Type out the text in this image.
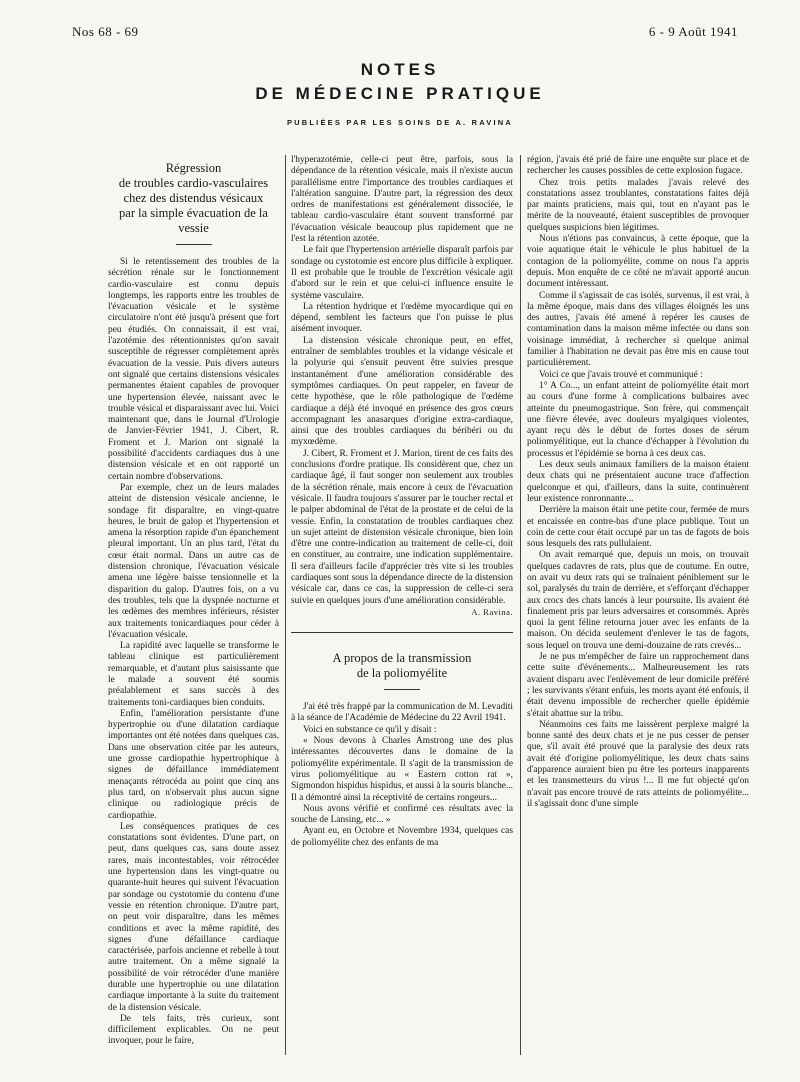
Nos 68 - 69	6 - 9 Août 1941
NOTES
DE MÉDECINE PRATIQUE
PUBLIÉES PAR LES SOINS DE A. RAVINA
Régression
de troubles cardio-vasculaires
chez des distendus vésicaux
par la simple évacuation de la vessie

Si le retentissement des troubles de la sécrétion rénale sur le fonctionnement cardio-vasculaire est connu depuis longtemps, les rapports entre les troubles de l'évacuation vésicale et le système circulatoire n'ont été jusqu'à présent que fort peu étudiés. On connaissait, il est vrai, l'azotémie des rétentionnistes qu'on savait susceptible de régresser complètement après évacuation de la vessie. Puis divers auteurs ont signalé que certains distensions vésicales permanentes étaient capables de provoquer une hypertension élevée, naissant avec le trouble vésical et disparaissant avec lui. Voici maintenant que, dans le Journal d'Urologie de Janvier-Février 1941, J. Cibert, R. Froment et J. Marion ont signalé la possibilité d'accidents cardiaques dus à une distension vésicale et en ont rapporté un certain nombre d'observations.

Par exemple, chez un de leurs malades atteint de distension vésicale ancienne, le sondage fit disparaître, en vingt-quatre heures, le bruit de galop et l'hypertension et amena la résorption rapide d'un épanchement pleural important. Un an plus tard, l'état du cœur était normal. Dans un autre cas de distension chronique, l'évacuation vésicale amena une légère baisse tensionnelle et la disparition du galop. D'autres fois, on a vu des troubles, tels que la dyspnée nocturne et les œdèmes des membres inférieurs, résister aux traitements tonicardiaques pour céder à l'évacuation vésicale.

La rapidité avec laquelle se transforme le tableau clinique est particulièrement remarquable, et d'autant plus saisissante que le malade a souvent été soumis préalablement et sans succès à des traitements toni-cardiaques bien conduits.

Enfin, l'amélioration persistante d'une hypertrophie ou d'une dilatation cardiaque importantes ont été notées dans quelques cas. Dans une observation citée par les auteurs, une grosse cardiopathie hypertrophique à signes de défaillance immédiatement menaçants rétrocéda au point que cinq ans plus tard, on n'observait plus aucun signe clinique ou radiologique précis de cardiopathie.

Les conséquences pratiques de ces constatations sont évidentes. D'une part, on peut, dans quelques cas, sans doute assez rares, mais incontestables, voir rétrocéder une hypertension dans les vingt-quatre ou quarante-huit heures qui suivent l'évacuation par sondage ou cystotomie du contenu d'une vessie en rétention chronique. D'autre part, on peut voir disparaître, dans les mêmes conditions et avec la même rapidité, des signes d'une défaillance cardiaque caractérisée, parfois ancienne et rebelle à tout autre traitement. On a même signalé la possibilité de voir rétrocéder d'une manière durable une hypertrophie ou une dilatation cardiaque importante à la suite du traitement de la distension vésicale.

De tels faits, très curieux, sont difficilement explicables. On ne peut invoquer, pour le faire,

l'hyperazotémie, celle-ci peut être, parfois, sous la dépendance de la rétention vésicale, mais il n'existe aucun parallélisme entre l'importance des troubles cardiaques et l'altération sanguine. D'autre part, la régression des deux ordres de manifestations est généralement dissociée, le tableau cardio-vasculaire étant souvent transformé par l'évacuation vésicale beaucoup plus rapidement que ne l'est la rétention azotée.

Le fait que l'hypertension artérielle disparaît parfois par sondage ou cystotomie est encore plus difficile à expliquer. Il est probable que le trouble de l'excrétion vésicale agit d'abord sur le rein et que celui-ci influence ensuite le système vasculaire.

La rétention hydrique et l'œdème myocardique qui en dépend, semblent les facteurs que l'on puisse le plus aisément invoquer.

La distension vésicale chronique peut, en effet, entraîner de semblables troubles et la vidange vésicale et la polyurie qui s'ensuit peuvent être suivies presque instantanément d'une amélioration considérable des symptômes cardiaques. On peut rappeler, en faveur de cette hypothèse, que le rôle pathologique de l'œdème cardiaque a déjà été invoqué en présence des gros cœurs accompagnant les anasarques d'origine extra-cardiaque, ainsi que des troubles cardiaques du béribéri ou du myxœdème.

J. Cibert, R. Froment et J. Marion, tirent de ces faits des conclusions d'ordre pratique. Ils considèrent que, chez un cardiaque âgé, il faut songer non seulement aux troubles de la sécrétion rénale, mais encore à ceux de l'évacuation vésicale. Il faudra toujours s'assurer par le toucher rectal et le palper abdominal de l'état de la prostate et de celui de la vessie. Enfin, la constatation de troubles cardiaques chez un sujet atteint de distension vésicale chronique, bien loin d'être une contre-indication au traitement de celle-ci, doit en constituer, au contraire, une indication supplémentaire. Il sera d'ailleurs facile d'apprécier très vite si les troubles cardiaques sont sous la dépendance directe de la distension vésicale car, dans ce cas, la suppression de celle-ci sera suivie en quelques jours d'une amélioration considérable.

A. Ravina.

A propos de la transmission
de la poliomyélite

J'ai été très frappé par la communication de M. Levaditi à la séance de l'Académie de Médecine du 22 Avril 1941.

Voici en substance ce qu'il y disait :

« Nous devons à Charles Amstrong une des plus intéressantes découvertes dans le domaine de la poliomyélite expérimentale. Il s'agit de la transmission de virus poliomyélitique au « Eastern cotton rat », Sigmondon hispidus hispidus, et aussi à la souris blanche... Il a démontré ainsi la réceptivité de certains rongeurs...

Nous avons vérifié et confirmé ces résultats avec la souche de Lansing, etc... »

Ayant eu, en Octobre et Novembre 1934, quelques cas de poliomyélite chez des enfants de ma

région, j'avais été prié de faire une enquête sur place et de rechercher les causes possibles de cette explosion fugace.

Chez trois petits malades j'avais relevé des constatations assez troublantes, constatations faites déjà par maints praticiens, mais qui, tout en n'ayant pas le mérite de la nouveauté, étaient susceptibles de provoquer quelques suspicions bien légitimes.

Nous n'étions pas convaincus, à cette époque, que la voie aquatique était le véhicule le plus habituel de la contagion de la poliomyélite, comme on nous l'a appris depuis. Mon enquête de ce côté ne m'avait apporté aucun document intéressant.

Comme il s'agissait de cas isolés, survenus, il est vrai, à la même époque, mais dans des villages éloignés les uns des autres, j'avais été amené à repérer les causes de contamination dans la maison même infectée ou dans son voisinage immédiat, à rechercher si quelque animal familier à l'habitation ne devait pas être mis en cause tout particulièrement.

Voici ce que j'avais trouvé et communiqué :

1° A Co..., un enfant atteint de poliomyélite était mort au cours d'une forme à complications bulbaires avec atteinte du pneumogastrique. Son frère, qui commençait une fièvre élevée, avec douleurs myalgiques violentes, ayant reçu dès le début de fortes doses de sérum poliomyélitique, eut la chance d'échapper à l'évolution du processus et l'épidémie se borna à ces deux cas.

Les deux seuls animaux familiers de la maison étaient deux chats qui ne présentaient aucune trace d'affection quelconque et qui, d'ailleurs, dans la suite, continuèrent leur existence ronronnante...

Derrière la maison était une petite cour, fermée de murs et encaissée en contre-bas d'une place publique. Tout un coin de cette cour était occupé par un tas de fagots de bois sous lesquels des rats pullulaient.

On avait remarqué que, depuis un mois, on trouvait quelques cadavres de rats, plus que de coutume. En outre, on avait vu deux rats qui se traînaient péniblement sur le sol, paralysés du train de derrière, et s'efforçant d'échapper aux crocs des chats lancés à leur poursuite. Ils avaient été finalement pris par leurs adversaires et consommés. Après quoi la gent féline retourna jouer avec les enfants de la maison. On décida seulement d'enlever le tas de fagots, sous lequel on trouva une demi-douzaine de rats crevés...

Je ne pus m'empêcher de faire un rapprochement dans cette suite d'événements... Malheureusement les rats avaient disparu avec l'enlèvement de leur domicile préféré ; les survivants s'étant enfuis, les morts ayant été enfouis, il était devenu impossible de rechercher quelle épidémie s'était abattue sur la tribu.

Néanmoins ces faits me laissèrent perplexe malgré la bonne santé des deux chats et je ne pus cesser de penser que, s'il avait été prouvé que la paralysie des deux rats avait été d'origine poliomyélitique, les deux chats sains d'apparence auraient bien pu être les porteurs inapparents et les transmetteurs du virus !... Il me fut objecté qu'on n'avait pas encore trouvé de rats atteints de poliomyélite... il s'agissait donc d'une simple
